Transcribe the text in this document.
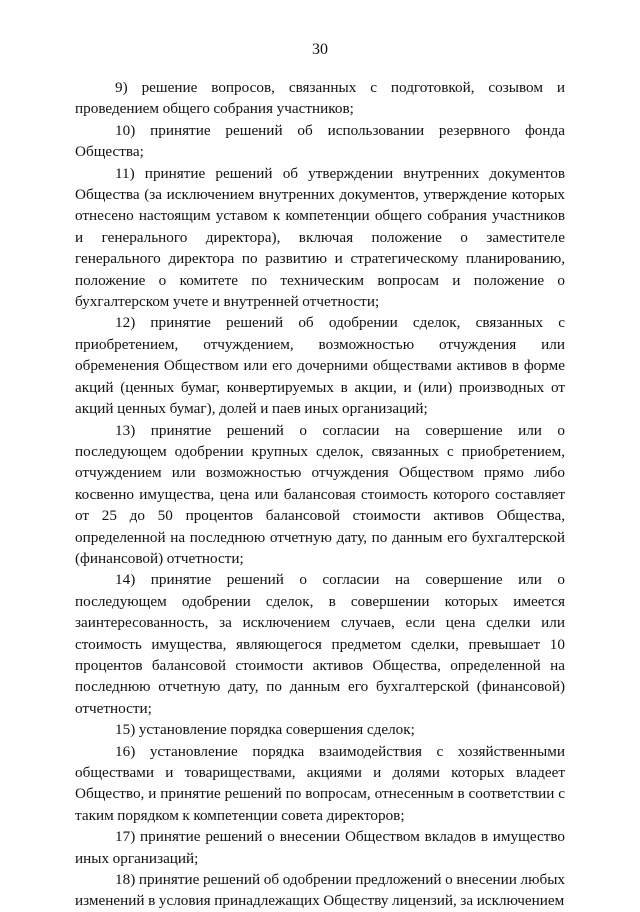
30

9) решение вопросов, связанных с подготовкой, созывом и проведением общего собрания участников;

10) принятие решений об использовании резервного фонда Общества;

11) принятие решений об утверждении внутренних документов Общества (за исключением внутренних документов, утверждение которых отнесено настоящим уставом к компетенции общего собрания участников и генерального директора), включая положение о заместителе генерального директора по развитию и стратегическому планированию, положение о комитете по техническим вопросам и положение о бухгалтерском учете и внутренней отчетности;

12) принятие решений об одобрении сделок, связанных с приобретением, отчуждением, возможностью отчуждения или обременения Обществом или его дочерними обществами активов в форме акций (ценных бумаг, конвертируемых в акции, и (или) производных от акций ценных бумаг), долей и паев иных организаций;

13) принятие решений о согласии на совершение или о последующем одобрении крупных сделок, связанных с приобретением, отчуждением или возможностью отчуждения Обществом прямо либо косвенно имущества, цена или балансовая стоимость которого составляет от 25 до 50 процентов балансовой стоимости активов Общества, определенной на последнюю отчетную дату, по данным его бухгалтерской (финансовой) отчетности;

14) принятие решений о согласии на совершение или о последующем одобрении сделок, в совершении которых имеется заинтересованность, за исключением случаев, если цена сделки или стоимость имущества, являющегося предметом сделки, превышает 10 процентов балансовой стоимости активов Общества, определенной на последнюю отчетную дату, по данным его бухгалтерской (финансовой) отчетности;

15) установление порядка совершения сделок;

16) установление порядка взаимодействия с хозяйственными обществами и товариществами, акциями и долями которых владеет Общество, и принятие решений по вопросам, отнесенным в соответствии с таким порядком к компетенции совета директоров;

17) принятие решений о внесении Обществом вкладов в имущество иных организаций;

18) принятие решений об одобрении предложений о внесении любых изменений в условия принадлежащих Обществу лицензий, за исключением
